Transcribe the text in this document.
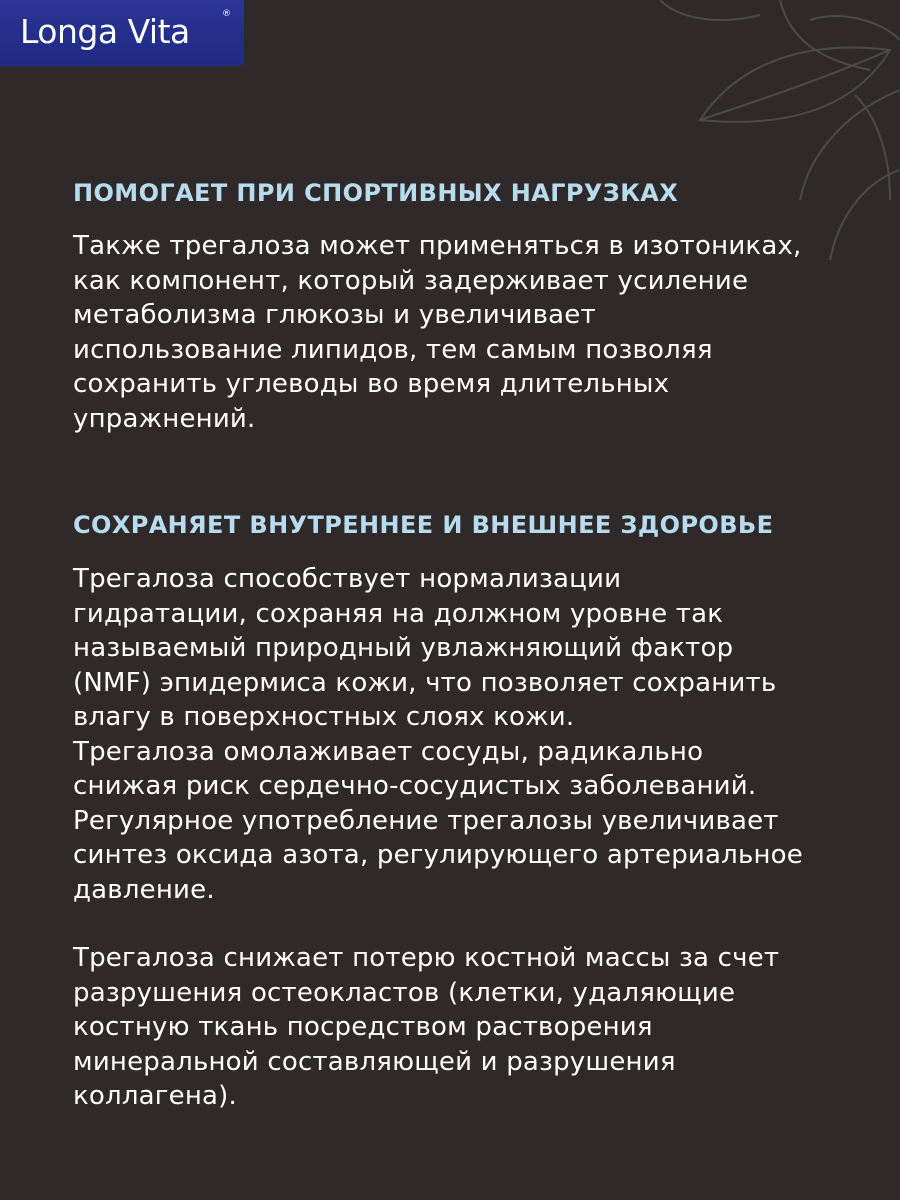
Longa Vita	®
ПОМОГАЕТ ПРИ СПОРТИВНЫХ НАГРУЗКАХ

Также трегалоза может применяться в изотониках,
как компонент, который задерживает усиление
метаболизма глюкозы и увеличивает
использование липидов, тем самым позволяя
сохранить углеводы во время длительных
упражнений.

СОХРАНЯЕТ ВНУТРЕННЕЕ И ВНЕШНЕЕ ЗДОРОВЬЕ

Трегалоза способствует нормализации
гидратации, сохраняя на должном уровне так
называемый природный увлажняющий фактор
(NMF) эпидермиса кожи, что позволяет сохранить
влагу в поверхностных слоях кожи.
Трегалоза омолаживает сосуды, радикально
снижая риск сердечно-сосудистых заболеваний.
Регулярное употребление трегалозы увеличивает
синтез оксида азота, регулирующего артериальное
давление.

Трегалоза снижает потерю костной массы за счет
разрушения остеокластов (клетки, удаляющие
костную ткань посредством растворения
минеральной составляющей и разрушения
коллагена).
